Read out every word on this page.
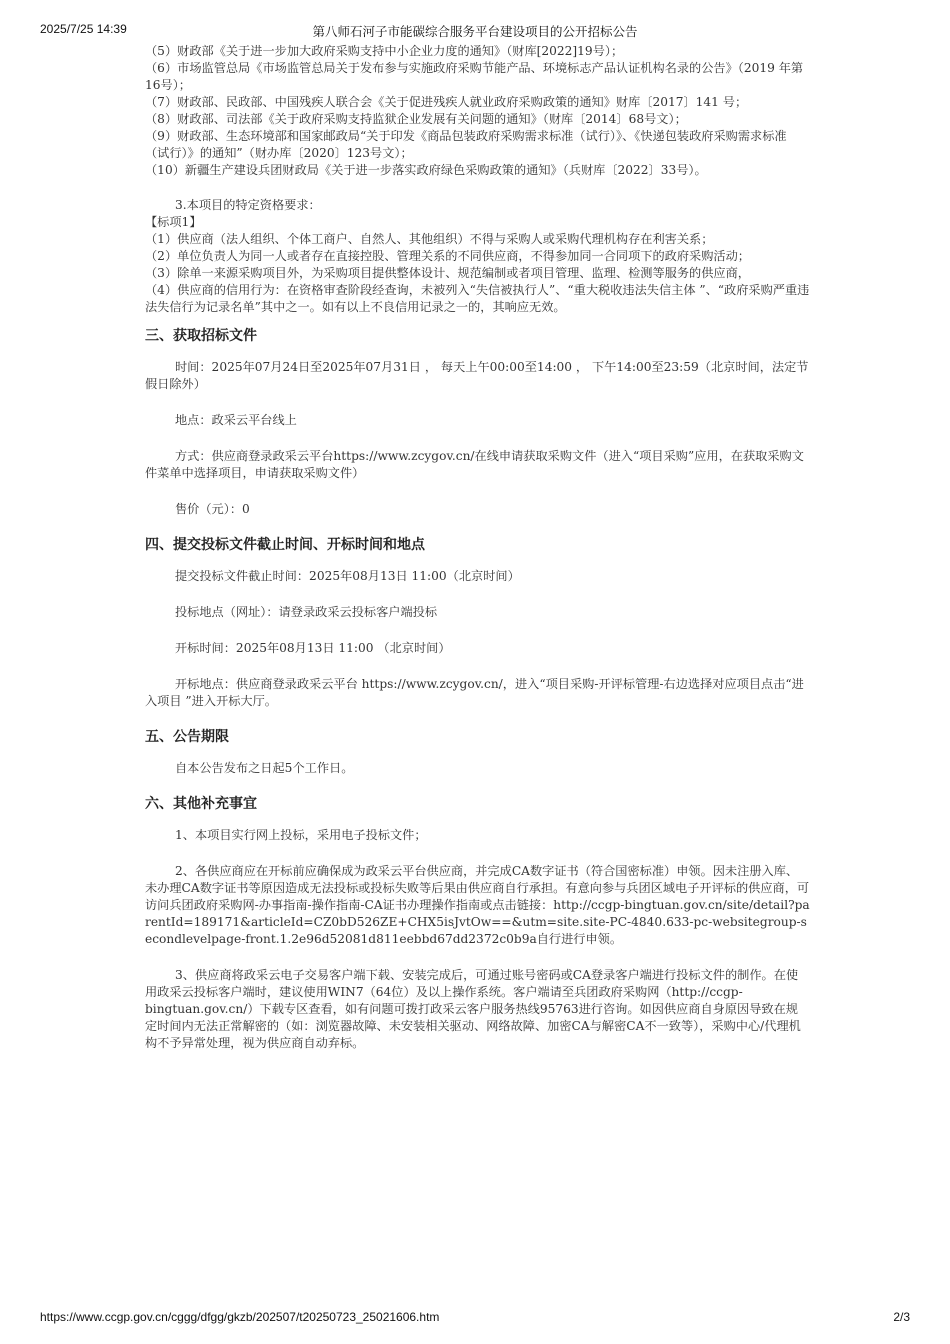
2025/7/25 14:39	第八师石河子市能碳综合服务平台建设项目的公开招标公告

（5）财政部《关于进一步加大政府采购支持中小企业力度的通知》（财库[2022]19号）；

（6）市场监管总局《市场监管总局关于发布参与实施政府采购节能产品、环境标志产品认证机构名录的公告》（2019 年第16号）；

（7）财政部、民政部、中国残疾人联合会《关于促进残疾人就业政府采购政策的通知》财库〔2017〕141 号；

（8）财政部、司法部《关于政府采购支持监狱企业发展有关问题的通知》（财库〔2014〕68号文）；

（9）财政部、生态环境部和国家邮政局“关于印发《商品包装政府采购需求标准（试行）》、《快递包装政府采购需求标准（试行）》的通知”（财办库〔2020〕123号文）；

（10）新疆生产建设兵团财政局《关于进一步落实政府绿色采购政策的通知》（兵财库〔2022〕33号）。

3.本项目的特定资格要求：

【标项1】

（1）供应商（法人组织、个体工商户、自然人、其他组织）不得与采购人或采购代理机构存在利害关系；

（2）单位负责人为同一人或者存在直接控股、管理关系的不同供应商，不得参加同一合同项下的政府采购活动；

（3）除单一来源采购项目外，为采购项目提供整体设计、规范编制或者项目管理、监理、检测等服务的供应商，

（4）供应商的信用行为：在资格审查阶段经查询，未被列入“失信被执行人”、“重大税收违法失信主体 ”、“政府采购严重违法失信行为记录名单”其中之一。如有以上不良信用记录之一的，其响应无效。

三、获取招标文件

时间：2025年07月24日至2025年07月31日 ， 每天上午00:00至14:00 ， 下午14:00至23:59（北京时间，法定节假日除外）

地点：政采云平台线上

方式：供应商登录政采云平台https://www.zcygov.cn/在线申请获取采购文件（进入“项目采购”应用，在获取采购文件菜单中选择项目，申请获取采购文件）

售价（元）：0

四、提交投标文件截止时间、开标时间和地点

提交投标文件截止时间：2025年08月13日 11:00（北京时间）

投标地点（网址）：请登录政采云投标客户端投标

开标时间：2025年08月13日 11:00 （北京时间）

开标地点：供应商登录政采云平台 https://www.zcygov.cn/，进入“项目采购-开评标管理-右边选择对应项目点击“进入项目 ”进入开标大厅。

五、公告期限

自本公告发布之日起5个工作日。

六、其他补充事宜

1、本项目实行网上投标，采用电子投标文件；

2、各供应商应在开标前应确保成为政采云平台供应商，并完成CA数字证书（符合国密标准）申领。因未注册入库、未办理CA数字证书等原因造成无法投标或投标失败等后果由供应商自行承担。有意向参与兵团区域电子开评标的供应商，可访问兵团政府采购网-办事指南-操作指南-CA证书办理操作指南或点击链接：http://ccgp-bingtuan.gov.cn/site/detail?parentId=189171&articleId=CZ0bD526ZE+CHX5isJvtOw==&utm=site.site-PC-4840.633-pc-websitegroup-secondlevelpage-front.1.2e96d52081d811eebbd67dd2372c0b9a自行进行申领。

3、供应商将政采云电子交易客户端下载、安装完成后，可通过账号密码或CA登录客户端进行投标文件的制作。在使用政采云投标客户端时，建议使用WIN7（64位）及以上操作系统。客户端请至兵团政府采购网（http://ccgp-bingtuan.gov.cn/）下载专区查看，如有问题可拨打政采云客户服务热线95763进行咨询。如因供应商自身原因导致在规定时间内无法正常解密的（如：浏览器故障、未安装相关驱动、网络故障、加密CA与解密CA不一致等），采购中心/代理机构不予异常处理，视为供应商自动弃标。

https://www.ccgp.gov.cn/cggg/dfgg/gkzb/202507/t20250723_25021606.htm	2/3
